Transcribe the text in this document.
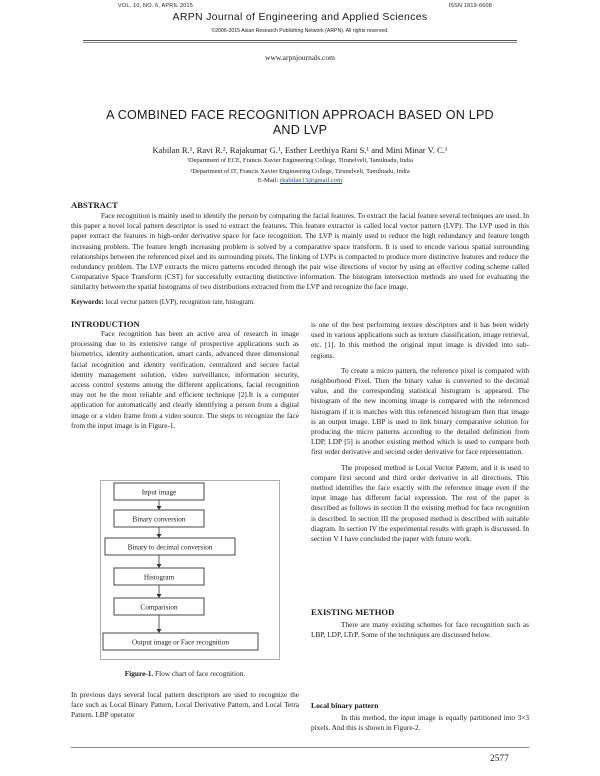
VOL. 10, NO. 6, APRIL 2015	ISSN 1819-6608
ARPN Journal of Engineering and Applied Sciences
©2006-2015 Asian Research Publishing Network (ARPN). All rights reserved.
www.arpnjournals.com
A COMBINED FACE RECOGNITION APPROACH BASED ON LPD
AND LVP
Kabilan R.¹, Ravi R.², Rajakumar G.¹, Esther Leethiya Rani S.¹ and Mini Minar V. C.¹
¹Department of ECE, Francis Xavier Engineering College, Tirunelveli, Tamilnadu, India
²Department of IT, Francis Xavier Engineering College, Tirunelveli, Tamilnadu, India
E-Mail: rkabilan13@gmail.com
ABSTRACT
Face recognition is mainly used to identify the person by comparing the facial features. To extract the facial feature several techniques are used. In this paper a novel local pattern descriptor is used to extract the features. This feature extractor is called local vector pattern (LVP). The LVP used in this paper extract the features in high-order derivative space for face recognition. The LVP is mainly used to reduce the high redundancy and feature length increasing problem. The feature length increasing problem is solved by a comparative space transform. It is used to encode various spatial surrounding relationships between the referenced pixel and its surrounding pixels. The linking of LVPs is compacted to produce more distinctive features and reduce the redundancy problem. The LVP extracts the micro patterns encoded through the pair wise directions of vector by using an effective coding scheme called Comparative Space Transform (CST) for successfully extracting distinctive information. The histogram intersection methods are used for evaluating the similarity between the spatial histograms of two distributions extracted from the LVP and recognize the face image.
Keywords: local vector pattern (LVP), recognition rate, histogram.
INTRODUCTION

Face recognition has been an active area of research in image processing due to its extensive range of prospective applications such as biometrics, identity authentication, smart cards, advanced three dimensional facial recognition and identity verification, centralized and secure facial identity management solution, video surveillance, information security, access control systems among the different applications, facial recognition may not be the most reliable and efficient technique [2].It is a computer application for automatically and clearly identifying a person from a digital image or a video frame from a video source. The steps to recognize the face from the input image is in Figure-1.

Input image
Binary conversion
Binary to decimal conversion
Histogram
Comparision
Output image or Face recognition
Figure-1. Flow chart of face recognition.

In previous days several local pattern descriptors are used to recognize the face such as Local Binary Pattern, Local Derivative Pattern, and Local Tetra Pattern. LBP operator

is one of the best performing texture descriptors and it has been widely used in various applications such as texture classification, image retrieval, etc. [1]. In this method the original input image is divided into sub-regions.

To create a micro pattern, the reference pixel is compared with neighborhood Pixel. Then the binary value is converted to the decimal value, and the corresponding statistical histogram is appeared. The histogram of the new incoming image is compared with the referenced histogram if it is matches with this referenced histogram then that image is an output image. LBP is used to link binary comparative solution for producing the micro patterns according to the detailed definition from LDP, LDP [5] is another existing method which is used to compare both first order derivative and second order derivative for face representation.

The proposed method is Local Vector Pattern, and it is used to compare first second and third order derivative in all directions. This method identifies the face exactly with the reference image even if the input image has different facial expression. The rest of the paper is described as follows in section II the existing method for face recognition is described. In section III the proposed method is described with suitable diagram. In section IV the experimental results with graph is discussed. In section V I have concluded the paper with future work.

EXISTING METHOD

There are many existing schemes for face recognition such as LBP, LDP, LTrP. Some of the techniques are discussed below.

Local binary pattern

In this method, the input image is equally partitioned into 3×3 pixels. And this is shown in Figure-2.

2577
